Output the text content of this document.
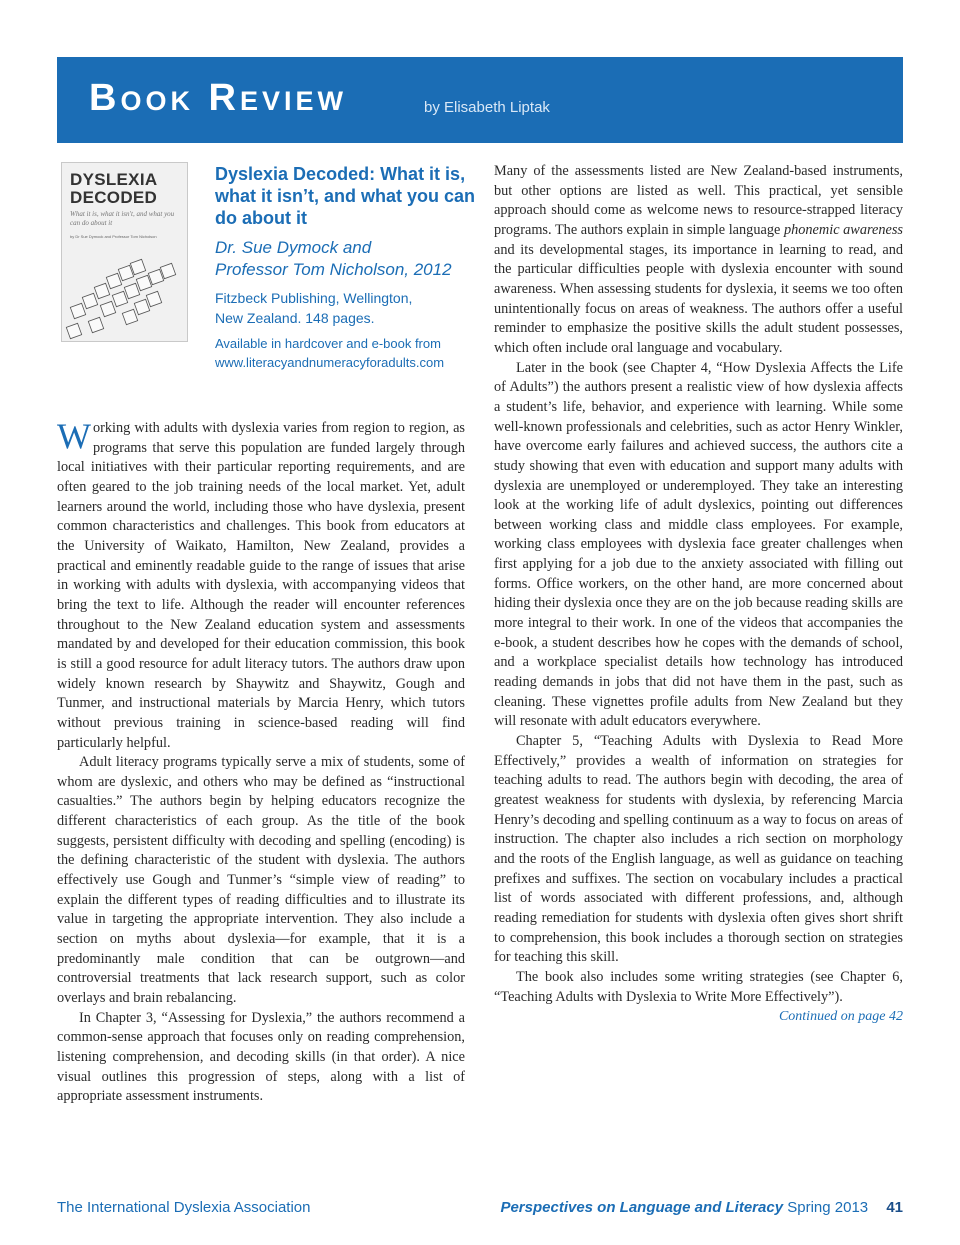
Book Review	by Elisabeth Liptak
DYSLEXIA
DECODED
What it is, what it isn't, and what you can do about it
by Dr Sue Dymock and Professor Tom Nicholson
Dyslexia Decoded: What it is, what it isn’t, and what you can do about it
Dr. Sue Dymock and
Professor Tom Nicholson, 2012
Fitzbeck Publishing, Wellington,
New Zealand. 148 pages.
Available in hardcover and e-book from
www.literacyandnumeracyforadults.com

Working with adults with dyslexia varies from region to region, as programs that serve this population are funded largely through local initiatives with their particular reporting requirements, and are often geared to the job training needs of the local market. Yet, adult learners around the world, including those who have dyslexia, present common characteristics and challenges. This book from educators at the University of Waikato, Hamilton, New Zealand, provides a practical and eminently readable guide to the range of issues that arise in working with adults with dyslexia, with accompanying videos that bring the text to life. Although the reader will encounter references throughout to the New Zealand education system and assessments mandated by and developed for their education commission, this book is still a good resource for adult literacy tutors. The authors draw upon widely known research by Shaywitz and Shaywitz, Gough and Tunmer, and instructional materials by Marcia Henry, which tutors without previous training in science-based reading will find particularly helpful.

Adult literacy programs typically serve a mix of students, some of whom are dyslexic, and others who may be defined as “instructional casualties.” The authors begin by helping educators recognize the different characteristics of each group. As the title of the book suggests, persistent difficulty with decoding and spelling (encoding) is the defining characteristic of the student with dyslexia. The authors effectively use Gough and Tunmer’s “simple view of reading” to explain the different types of reading difficulties and to illustrate its value in targeting the appropriate intervention. They also include a section on myths about dyslexia—for example, that it is a predominantly male condition that can be outgrown—and controversial treatments that lack research support, such as color overlays and brain rebalancing.

In Chapter 3, “Assessing for Dyslexia,” the authors recommend a common-sense approach that focuses only on reading comprehension, listening comprehension, and decoding skills (in that order). A nice visual outlines this progression of steps, along with a list of appropriate assessment instruments.

Many of the assessments listed are New Zealand-based instruments, but other options are listed as well. This practical, yet sensible approach should come as welcome news to resource-strapped literacy programs. The authors explain in simple language phonemic awareness and its developmental stages, its importance in learning to read, and the particular difficulties people with dyslexia encounter with sound awareness. When assessing students for dyslexia, it seems we too often unintentionally focus on areas of weakness. The authors offer a useful reminder to emphasize the positive skills the adult student possesses, which often include oral language and vocabulary.

Later in the book (see Chapter 4, “How Dyslexia Affects the Life of Adults”) the authors present a realistic view of how dyslexia affects a student’s life, behavior, and experience with learning. While some well-known professionals and celebrities, such as actor Henry Winkler, have overcome early failures and achieved success, the authors cite a study showing that even with education and support many adults with dyslexia are unemployed or underemployed. They take an interesting look at the working life of adult dyslexics, pointing out differences between working class and middle class employees. For example, working class employees with dyslexia face greater challenges when first applying for a job due to the anxiety associated with filling out forms. Office workers, on the other hand, are more concerned about hiding their dyslexia once they are on the job because reading skills are more integral to their work. In one of the videos that accompanies the e-book, a student describes how he copes with the demands of school, and a workplace specialist details how technology has introduced reading demands in jobs that did not have them in the past, such as cleaning. These vignettes profile adults from New Zealand but they will resonate with adult educators everywhere.

Chapter 5, “Teaching Adults with Dyslexia to Read More Effectively,” provides a wealth of information on strategies for teaching adults to read. The authors begin with decoding, the area of greatest weakness for students with dyslexia, by referencing Marcia Henry’s decoding and spelling continuum as a way to focus on areas of instruction. The chapter also includes a rich section on morphology and the roots of the English language, as well as guidance on teaching prefixes and suffixes. The section on vocabulary includes a practical list of words associated with different professions, and, although reading remediation for students with dyslexia often gives short shrift to comprehension, this book includes a thorough section on strategies for teaching this skill.

The book also includes some writing strategies (see Chapter 6, “Teaching Adults with Dyslexia to Write More Effectively”).

Continued on page 42
The International Dyslexia Association	Perspectives on Language and Literacy Spring 2013 41
